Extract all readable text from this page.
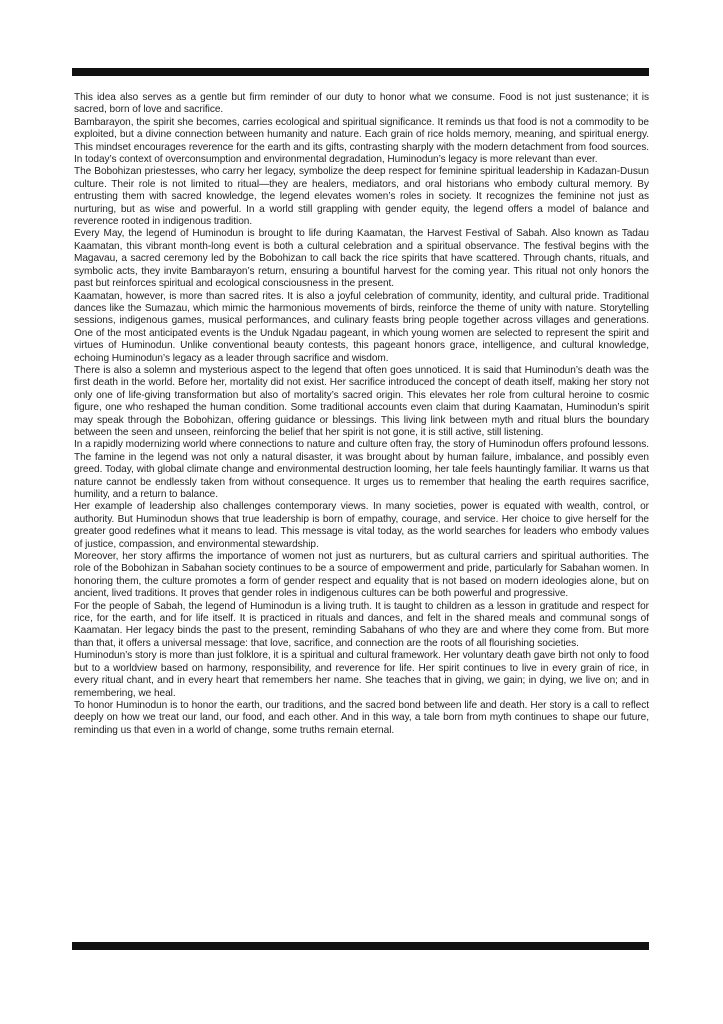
This idea also serves as a gentle but firm reminder of our duty to honor what we consume. Food is not just sustenance; it is sacred, born of love and sacrifice.

Bambarayon, the spirit she becomes, carries ecological and spiritual significance. It reminds us that food is not a commodity to be exploited, but a divine connection between humanity and nature. Each grain of rice holds memory, meaning, and spiritual energy. This mindset encourages reverence for the earth and its gifts, contrasting sharply with the modern detachment from food sources. In today’s context of overconsumption and environmental degradation, Huminodun’s legacy is more relevant than ever.

The Bobohizan priestesses, who carry her legacy, symbolize the deep respect for feminine spiritual leadership in Kadazan-Dusun culture. Their role is not limited to ritual—they are healers, mediators, and oral historians who embody cultural memory. By entrusting them with sacred knowledge, the legend elevates women’s roles in society. It recognizes the feminine not just as nurturing, but as wise and powerful. In a world still grappling with gender equity, the legend offers a model of balance and reverence rooted in indigenous tradition.

Every May, the legend of Huminodun is brought to life during Kaamatan, the Harvest Festival of Sabah. Also known as Tadau Kaamatan, this vibrant month-long event is both a cultural celebration and a spiritual observance. The festival begins with the Magavau, a sacred ceremony led by the Bobohizan to call back the rice spirits that have scattered. Through chants, rituals, and symbolic acts, they invite Bambarayon’s return, ensuring a bountiful harvest for the coming year. This ritual not only honors the past but reinforces spiritual and ecological consciousness in the present.

Kaamatan, however, is more than sacred rites. It is also a joyful celebration of community, identity, and cultural pride. Traditional dances like the Sumazau, which mimic the harmonious movements of birds, reinforce the theme of unity with nature. Storytelling sessions, indigenous games, musical performances, and culinary feasts bring people together across villages and generations. One of the most anticipated events is the Unduk Ngadau pageant, in which young women are selected to represent the spirit and virtues of Huminodun. Unlike conventional beauty contests, this pageant honors grace, intelligence, and cultural knowledge, echoing Huminodun’s legacy as a leader through sacrifice and wisdom.

There is also a solemn and mysterious aspect to the legend that often goes unnoticed. It is said that Huminodun’s death was the first death in the world. Before her, mortality did not exist. Her sacrifice introduced the concept of death itself, making her story not only one of life-giving transformation but also of mortality’s sacred origin. This elevates her role from cultural heroine to cosmic figure, one who reshaped the human condition. Some traditional accounts even claim that during Kaamatan, Huminodun’s spirit may speak through the Bobohizan, offering guidance or blessings. This living link between myth and ritual blurs the boundary between the seen and unseen, reinforcing the belief that her spirit is not gone, it is still active, still listening.

In a rapidly modernizing world where connections to nature and culture often fray, the story of Huminodun offers profound lessons. The famine in the legend was not only a natural disaster, it was brought about by human failure, imbalance, and possibly even greed. Today, with global climate change and environmental destruction looming, her tale feels hauntingly familiar. It warns us that nature cannot be endlessly taken from without consequence. It urges us to remember that healing the earth requires sacrifice, humility, and a return to balance.

Her example of leadership also challenges contemporary views. In many societies, power is equated with wealth, control, or authority. But Huminodun shows that true leadership is born of empathy, courage, and service. Her choice to give herself for the greater good redefines what it means to lead. This message is vital today, as the world searches for leaders who embody values of justice, compassion, and environmental stewardship.

Moreover, her story affirms the importance of women not just as nurturers, but as cultural carriers and spiritual authorities. The role of the Bobohizan in Sabahan society continues to be a source of empowerment and pride, particularly for Sabahan women. In honoring them, the culture promotes a form of gender respect and equality that is not based on modern ideologies alone, but on ancient, lived traditions. It proves that gender roles in indigenous cultures can be both powerful and progressive.

For the people of Sabah, the legend of Huminodun is a living truth. It is taught to children as a lesson in gratitude and respect for rice, for the earth, and for life itself. It is practiced in rituals and dances, and felt in the shared meals and communal songs of Kaamatan. Her legacy binds the past to the present, reminding Sabahans of who they are and where they come from. But more than that, it offers a universal message: that love, sacrifice, and connection are the roots of all flourishing societies.

Huminodun’s story is more than just folklore, it is a spiritual and cultural framework. Her voluntary death gave birth not only to food but to a worldview based on harmony, responsibility, and reverence for life. Her spirit continues to live in every grain of rice, in every ritual chant, and in every heart that remembers her name. She teaches that in giving, we gain; in dying, we live on; and in remembering, we heal.

To honor Huminodun is to honor the earth, our traditions, and the sacred bond between life and death. Her story is a call to reflect deeply on how we treat our land, our food, and each other. And in this way, a tale born from myth continues to shape our future, reminding us that even in a world of change, some truths remain eternal.
